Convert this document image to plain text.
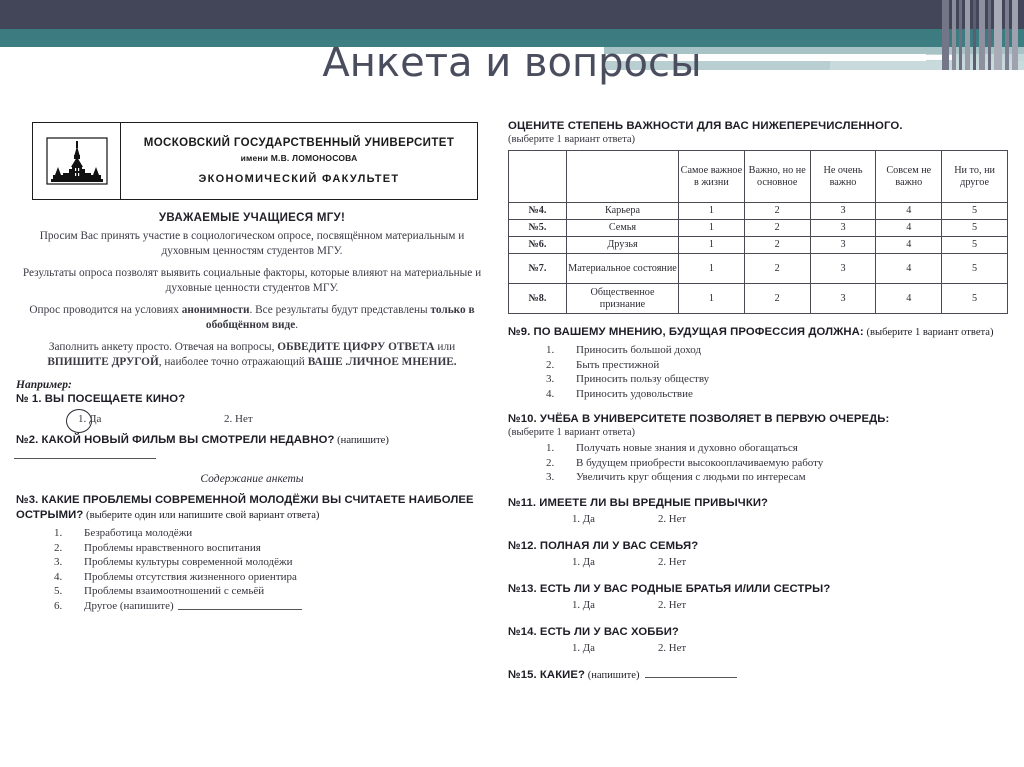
Анкета и вопросы
МОСКОВСКИЙ ГОСУДАРСТВЕННЫЙ УНИВЕРСИТЕТ
имени М.В. ЛОМОНОСОВА
ЭКОНОМИЧЕСКИЙ ФАКУЛЬТЕТ
УВАЖАЕМЫЕ УЧАЩИЕСЯ МГУ!

Просим Вас принять участие в социологическом опросе, посвящённом материальным и духовным ценностям студентов МГУ.

Результаты опроса позволят выявить социальные факторы, которые влияют на материальные и духовные ценности студентов МГУ.

Опрос проводится на условиях анонимности. Все результаты будут представлены только в обобщённом виде.

Заполнить анкету просто. Отвечая на вопросы, ОБВЕДИТЕ ЦИФРУ ОТВЕТА или ВПИШИТЕ ДРУГОЙ, наиболее точно отражающий ВАШЕ .ЛИЧНОЕ МНЕНИЕ.

Например:
№ 1. ВЫ ПОСЕЩАЕТЕ КИНО?
1. Да	2. Нет
№2. КАКОЙ НОВЫЙ ФИЛЬМ ВЫ СМОТРЕЛИ НЕДАВНО? (напишите)
Содержание анкеты
№3. КАКИЕ ПРОБЛЕМЫ СОВРЕМЕННОЙ МОЛОДЁЖИ ВЫ СЧИТАЕТЕ НАИБОЛЕЕ ОСТРЫМИ? (выберите один или напишите свой вариант ответа)
Безработица молодёжи
Проблемы нравственного воспитания
Проблемы культуры современной молодёжи
Проблемы отсутствия жизненного ориентира
Проблемы взаимоотношений с семьёй
Другое (напишите)
ОЦЕНИТЕ СТЕПЕНЬ ВАЖНОСТИ ДЛЯ ВАС НИЖЕПЕРЕЧИСЛЕННОГО.
(выберите 1 вариант ответа)
		Самое важное в жизни	Важно, но не основное	Не очень важно	Совсем не важно	Ни то, ни другое
№4.	Карьера	1	2	3	4	5
№5.	Семья	1	2	3	4	5
№6.	Друзья	1	2	3	4	5
№7.	Материальное состояние	1	2	3	4	5
№8.	Общественное признание	1	2	3	4	5
№9. ПО ВАШЕМУ МНЕНИЮ, БУДУЩАЯ ПРОФЕССИЯ ДОЛЖНА: (выберите 1 вариант ответа)
Приносить большой доход
Быть престижной
Приносить пользу обществу
Приносить удовольствие
№10. УЧЁБА В УНИВЕРСИТЕТЕ ПОЗВОЛЯЕТ В ПЕРВУЮ ОЧЕРЕДЬ:
(выберите 1 вариант ответа)
Получать новые знания и духовно обогащаться
В будущем приобрести высокооплачиваемую работу
Увеличить круг общения с людьми по интересам
№11. ИМЕЕТЕ ЛИ ВЫ ВРЕДНЫЕ ПРИВЫЧКИ?
1. Да	2. Нет
№12. ПОЛНАЯ ЛИ У ВАС СЕМЬЯ?
1. Да	2. Нет
№13. ЕСТЬ ЛИ У ВАС РОДНЫЕ БРАТЬЯ И/ИЛИ СЕСТРЫ?
1. Да	2. Нет
№14. ЕСТЬ ЛИ У ВАС ХОББИ?
1. Да	2. Нет
№15. КАКИЕ? (напишите)
